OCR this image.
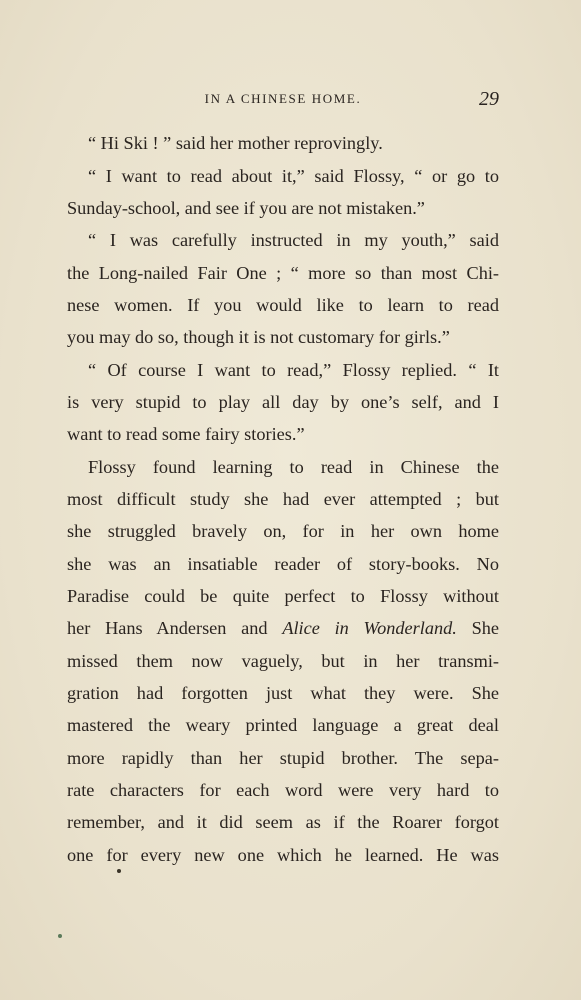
IN A CHINESE HOME.	29
“ Hi Ski ! ” said her mother reprovingly.
“ I want to read about it,” said Flossy, “ or go to
Sunday-school, and see if you are not mistaken.”
“ I was carefully instructed in my youth,” said
the Long-nailed Fair One ; “ more so than most Chi-
nese women. If you would like to learn to read
you may do so, though it is not customary for girls.”
“ Of course I want to read,” Flossy replied. “ It
is very stupid to play all day by one’s self, and I
want to read some fairy stories.”
Flossy found learning to read in Chinese the
most difficult study she had ever attempted ; but
she struggled bravely on, for in her own home
she was an insatiable reader of story-books. No
Paradise could be quite perfect to Flossy without
her Hans Andersen and Alice in Wonderland. She
missed them now vaguely, but in her transmi-
gration had forgotten just what they were. She
mastered the weary printed language a great deal
more rapidly than her stupid brother. The sepa-
rate characters for each word were very hard to
remember, and it did seem as if the Roarer forgot
one for every new one which he learned. He was
